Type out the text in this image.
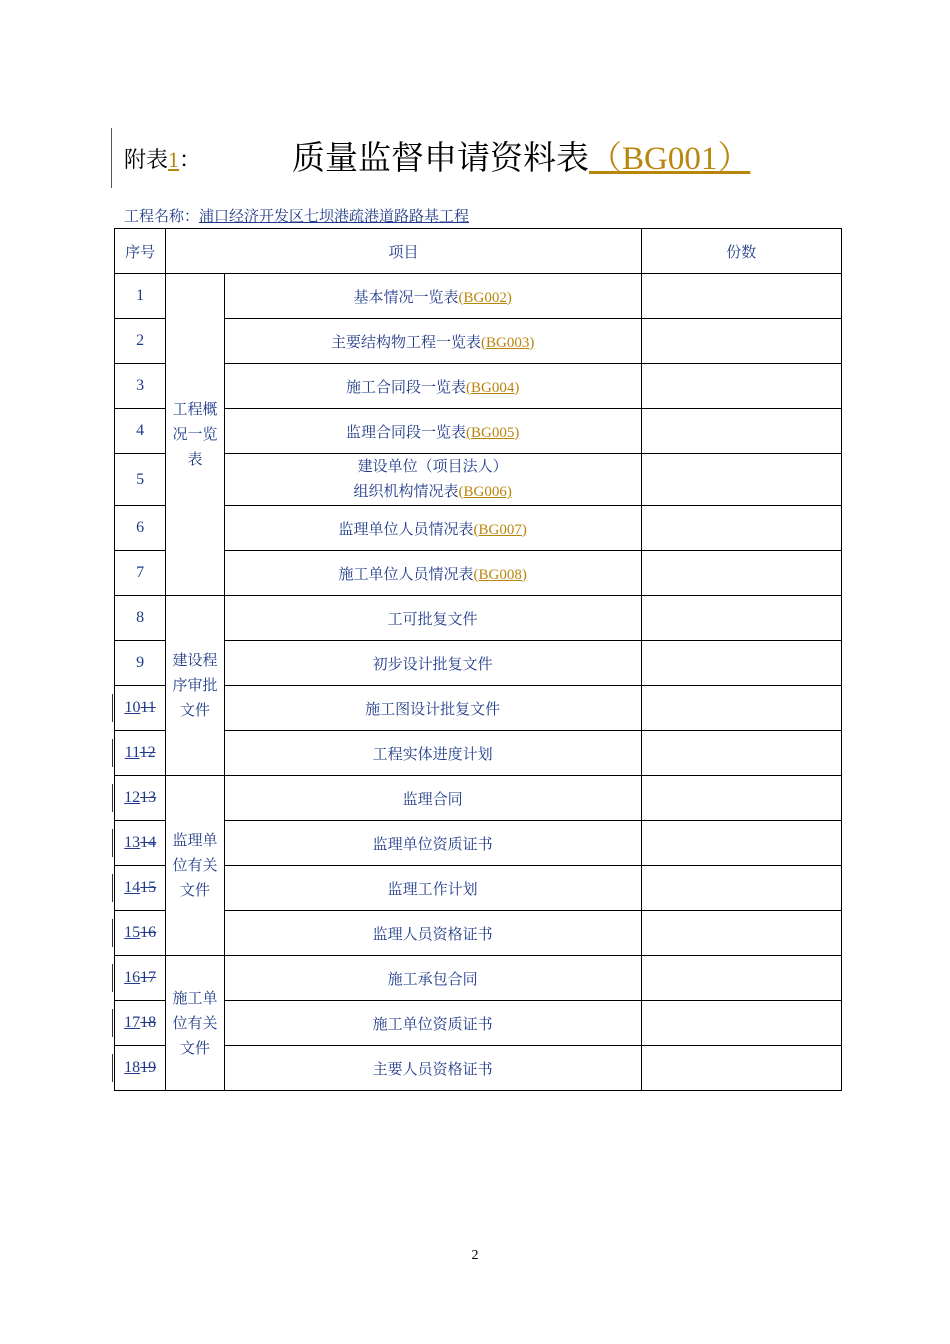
附表1：	质量监督申请资料表（BG001）
工程名称：浦口经济开发区七坝港疏港道路路基工程
序号	项目		份数
1	工程概况一览表	基本情况一览表(BG002)	
2		主要结构物工程一览表(BG003)	
3		施工合同段一览表(BG004)	
4		监理合同段一览表(BG005)	
5		建设单位（项目法人）
组织机构情况表(BG006)	
6		监理单位人员情况表(BG007)	
7		施工单位人员情况表(BG008)	
8	建设程序审批文件	工可批复文件	
9		初步设计批复文件	

1011		施工图设计批复文件	

1112		工程实体进度计划	

1213	监理单位有关文件	监理合同	

1314		监理单位资质证书	

1415		监理工作计划	

1516		监理人员资格证书	

1617	施工单位有关文件	施工承包合同	

1718		施工单位资质证书	

1819		主要人员资格证书	
2
